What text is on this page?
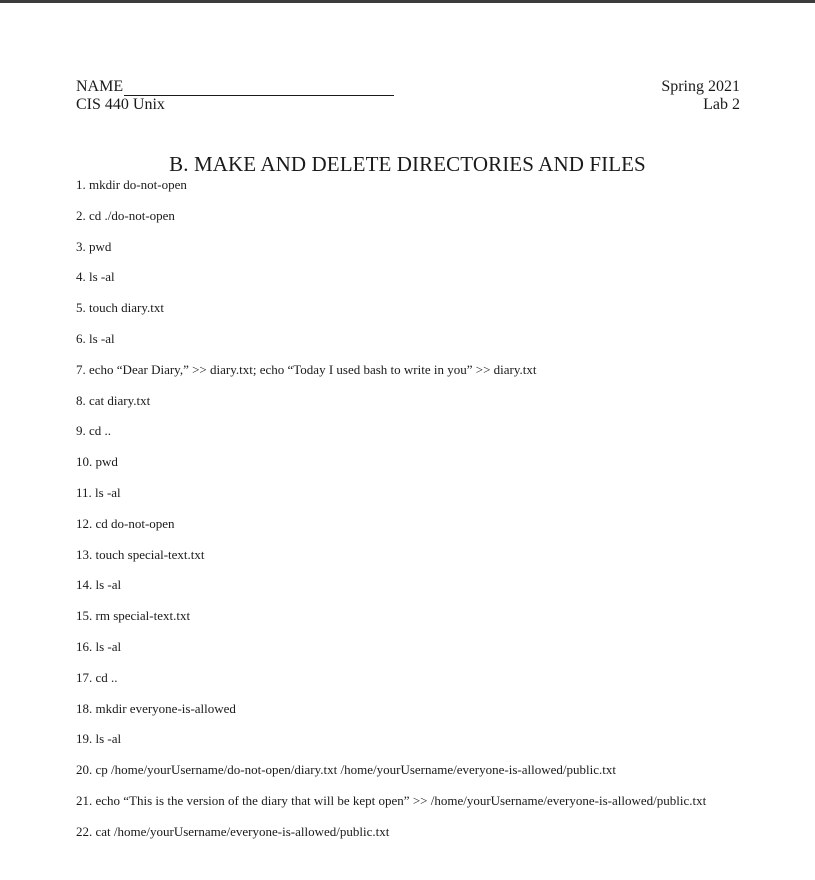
NAME
CIS 440 Unix
Spring 2021
Lab 2
B. MAKE AND DELETE DIRECTORIES AND FILES
1. mkdir do-not-open
2. cd ./do-not-open
3. pwd
4. ls -al
5. touch diary.txt
6. ls -al
7. echo “Dear Diary,” >> diary.txt; echo “Today I used bash to write in you” >> diary.txt
8. cat diary.txt
9. cd ..
10. pwd
11. ls -al
12. cd do-not-open
13. touch special-text.txt
14. ls -al
15. rm special-text.txt
16. ls -al
17. cd ..
18. mkdir everyone-is-allowed
19. ls -al
20. cp /home/yourUsername/do-not-open/diary.txt /home/yourUsername/everyone-is-allowed/public.txt
21. echo “This is the version of the diary that will be kept open” >> /home/yourUsername/everyone-is-allowed/public.txt
22. cat /home/yourUsername/everyone-is-allowed/public.txt
